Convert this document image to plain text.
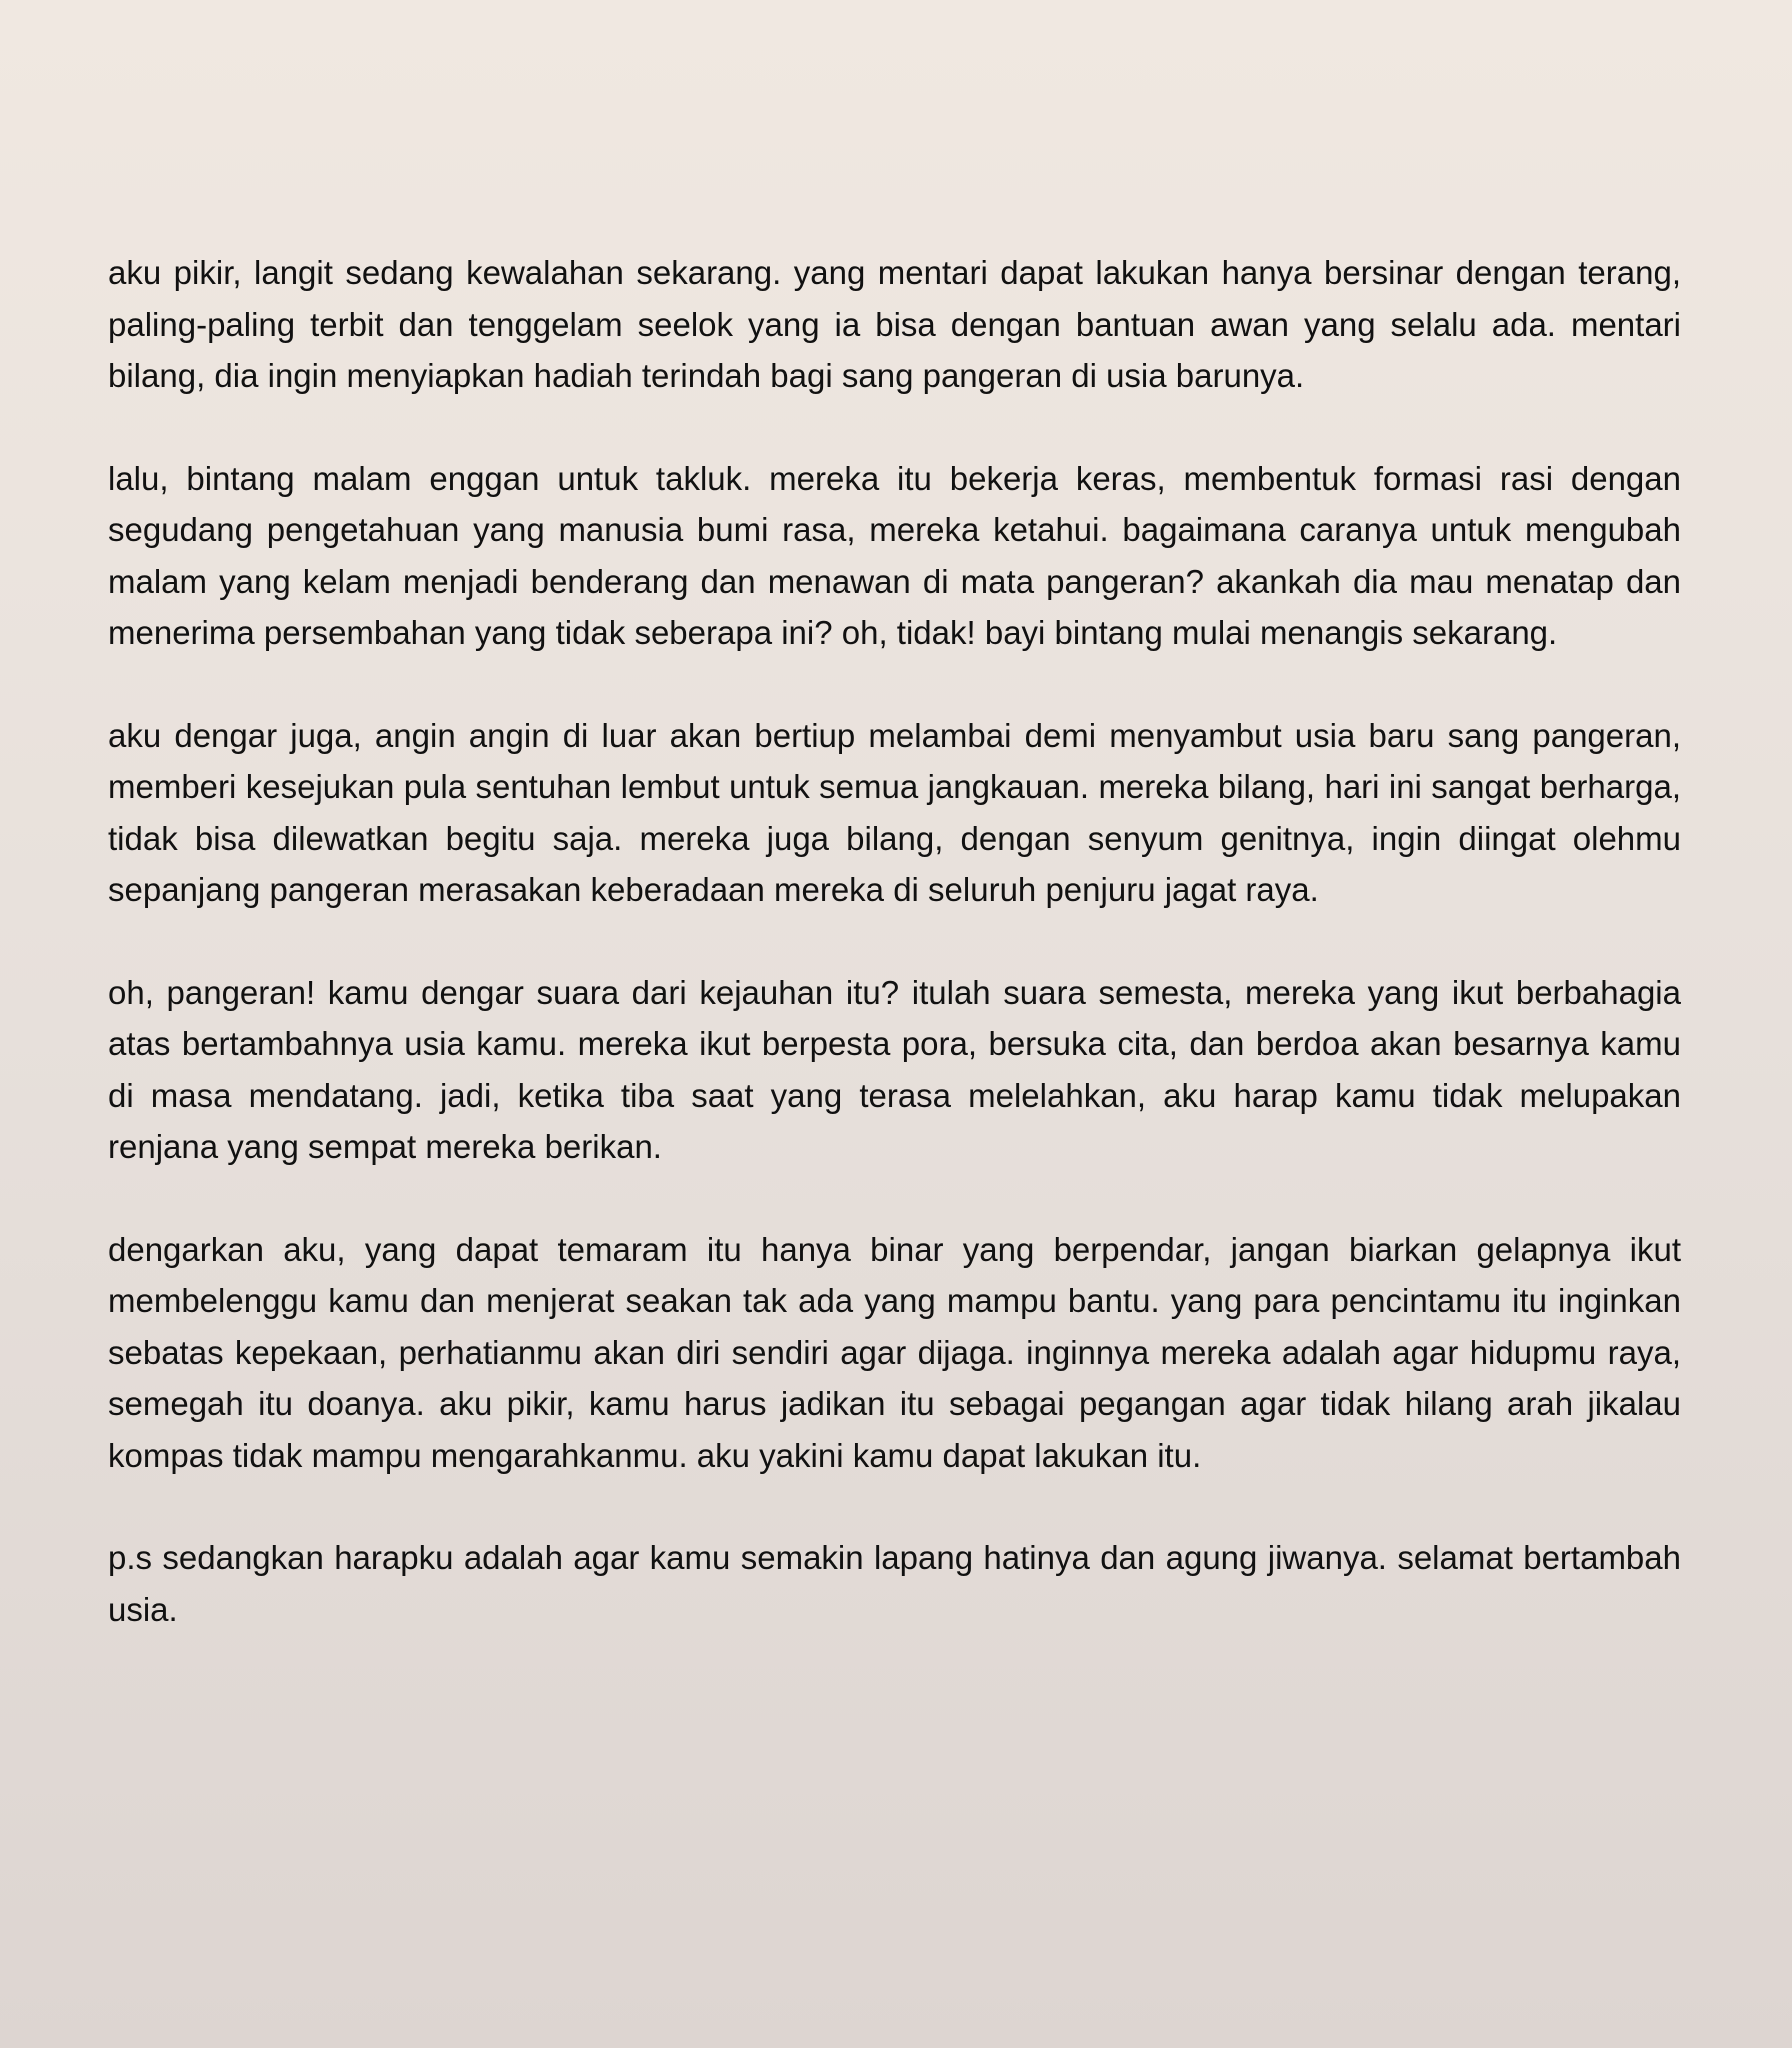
aku pikir, langit sedang kewalahan sekarang. yang mentari dapat lakukan hanya bersinar dengan terang, paling-paling terbit dan tenggelam seelok yang ia bisa dengan bantuan awan yang selalu ada. mentari bilang, dia ingin menyiapkan hadiah terindah bagi sang pangeran di usia barunya.

lalu, bintang malam enggan untuk takluk. mereka itu bekerja keras, membentuk formasi rasi dengan segudang pengetahuan yang manusia bumi rasa, mereka ketahui. bagaimana caranya untuk mengubah malam yang kelam menjadi benderang dan menawan di mata pangeran? akankah dia mau menatap dan menerima persembahan yang tidak seberapa ini? oh, tidak! bayi bintang mulai menangis sekarang.

aku dengar juga, angin angin di luar akan bertiup melambai demi menyambut usia baru sang pangeran, memberi kesejukan pula sentuhan lembut untuk semua jangkauan. mereka bilang, hari ini sangat berharga, tidak bisa dilewatkan begitu saja. mereka juga bilang, dengan senyum genitnya, ingin diingat olehmu sepanjang pangeran merasakan keberadaan mereka di seluruh penjuru jagat raya.

oh, pangeran! kamu dengar suara dari kejauhan itu? itulah suara semesta, mereka yang ikut berbahagia atas bertambahnya usia kamu. mereka ikut berpesta pora, bersuka cita, dan berdoa akan besarnya kamu di masa mendatang. jadi, ketika tiba saat yang terasa melelahkan, aku harap kamu tidak melupakan renjana yang sempat mereka berikan.

dengarkan aku, yang dapat temaram itu hanya binar yang berpendar, jangan biarkan gelapnya ikut membelenggu kamu dan menjerat seakan tak ada yang mampu bantu. yang para pencintamu itu inginkan sebatas kepekaan, perhatianmu akan diri sendiri agar dijaga. inginnya mereka adalah agar hidupmu raya, semegah itu doanya. aku pikir, kamu harus jadikan itu sebagai pegangan agar tidak hilang arah jikalau kompas tidak mampu mengarahkanmu. aku yakini kamu dapat lakukan itu.

p.s sedangkan harapku adalah agar kamu semakin lapang hatinya dan agung jiwanya. selamat bertambah usia.
